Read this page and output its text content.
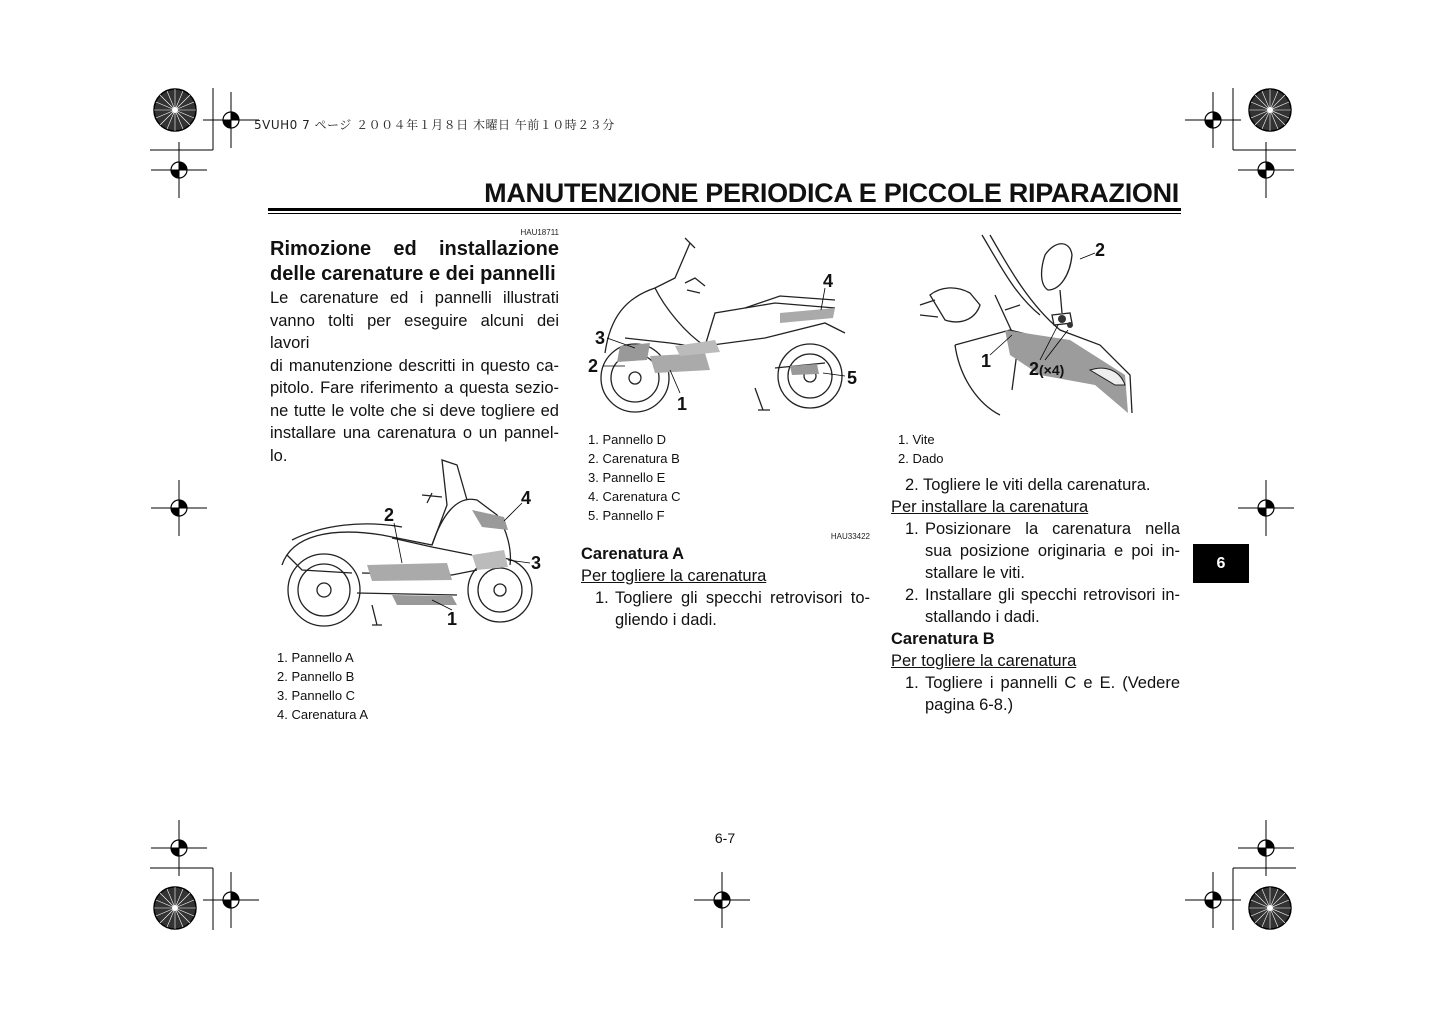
5VUH0 7 ページ ２００４年１月８日 木曜日 午前１０時２３分
MANUTENZIONE PERIODICA E PICCOLE RIPARAZIONI
HAU18711
Rimozione ed installazione
delle carenature e dei pannelli
Le carenature ed i pannelli illustrati
vanno tolti per eseguire alcuni dei lavori
di manutenzione descritti in questo ca-
pitolo. Fare riferimento a questa sezio-
ne tutte le volte che si deve togliere ed
installare una carenatura o un pannel-
lo.
2
4
3
1
1. Pannello A
2. Pannello B
3. Pannello C
4. Carenatura A
4
3
2
5
1
1. Pannello D
2. Carenatura B
3. Pannello E
4. Carenatura C
5. Pannello F
HAU33422
Carenatura A
Per togliere la carenatura
1. Togliere gli specchi retrovisori to-
gliendo i dadi.
2
1 2(×4)
1. Vite
2. Dado
2. Togliere le viti della carenatura.
Per installare la carenatura
1. Posizionare la carenatura nella
sua posizione originaria e poi in-
stallare le viti.
2. Installare gli specchi retrovisori in-
stallando i dadi.
Carenatura B
Per togliere la carenatura
1. Togliere i pannelli C e E. (Vedere
pagina 6-8.)
6
6-7
